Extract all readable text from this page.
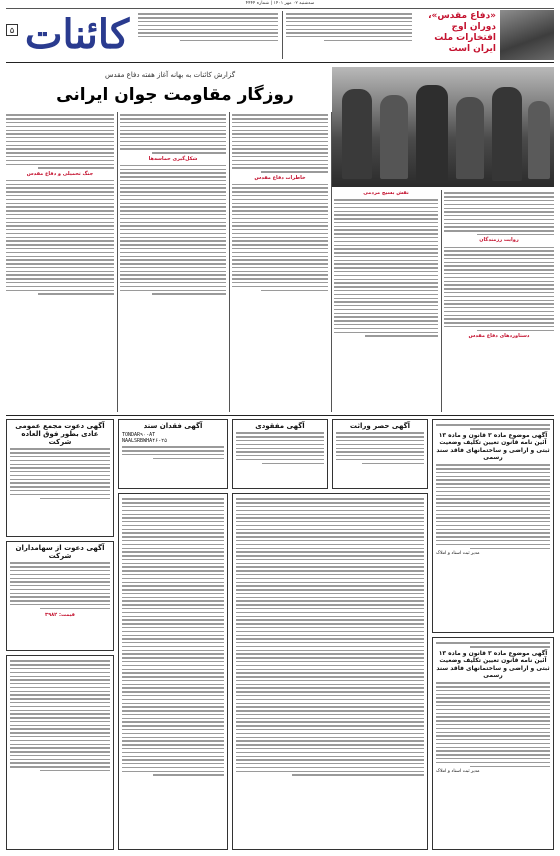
سه‌شنبه ۰۲ مهر ۱۴۰۱ | شماره ۴۴۴۴
کائنات
۵
«دفاع مقدس»، دوران اوج افتخارات ملت ایران است
گزارش کائنات به بهانه آغاز هفته دفاع مقدس
روزگار مقاومت جوان ایرانی
جنگ تحمیلی و دفاع مقدس
شکل‌گیری حماسه‌ها
خاطرات دفاع مقدس
نقش بسیج مردمی
روایت رزمندگان
دستاوردهای دفاع مقدس
آگهی دعوت مجمع عمومی عادی بطور فوق العاده شرکت
آگهی دعوت از سهامداران شرکت
قیمت: ۳۹۸۲
آگهی فقدان سند
TONDAR۹۰-AT
NAALSRBWHA۴۶-۲۵
آگهی مفقودی	آگهی حصر وراثت
آگهی موضوع ماده ۳ قانون و ماده ۱۳ آئین نامه قانون تعیین تکلیف وضعیت ثبتی و اراضی و ساختمانهای فاقد سند رسمی
مدیر ثبت اسناد و املاک
آگهی موضوع ماده ۳ قانون و ماده ۱۳ آئین نامه قانون تعیین تکلیف وضعیت ثبتی و اراضی و ساختمانهای فاقد سند رسمی
مدیر ثبت اسناد و املاک
